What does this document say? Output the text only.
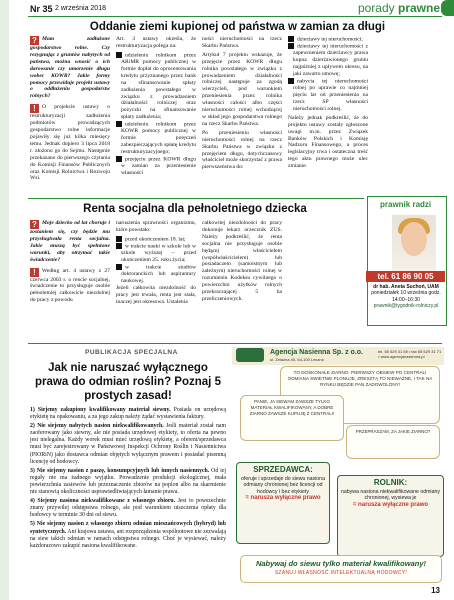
Nr 35 2 września 2018	porady prawne
Oddanie ziemi kupionej od państwa w zamian za długi

? Mam zadłużone gospodarstwo rolne. Czy rezygnując z gruntów nabytych od państwa, można wnosić o ich darowanie czy umorzenie długu wobec KOWR? Jakie formy pomocy przewiduje projekt ustawy o oddłużeniu gospodarstw rolnych?

! O projekcie ustawy o restrukturyzacji zadłużenia podmiotów prowadzących gospodarstwo rolne informacje pojawiły się już kilka miesięcy temu. Jednak dopiero 3 lipca 2018 r. złożono go do Sejmu. Następnie przekazano do pierwszego czytania do Komisji Finansów Publicznych oraz Komisji Rolnictwa i Rozwoju Wsi.

Art. 3 ustawy określa, że restrukturyzacja polega na:

udzieleniu rolnikom przez ARiMR pomocy publicznej w formie dopłat do oprocentowania kredytu przyznanego przez bank na sfinansowanie spłaty zadłużenia powstałego w związku z prowadzeniem działalności rolniczej oraz pożyczki na sfinansowanie spłaty zadłużenia;
udzieleniu rolnikom przez KOWR pomocy publicznej w formie poręczeń zabezpieczających spłatę kredytu restrukturyzacyjnego;
przejęciu przez KOWR długu w zamian za przeniesienie własności

ności nieruchomości na rzecz Skarbu Państwa.

Artykuł 7 projektu wskazuje, że przejęcie przez KOWR długu rolnika powstałego w związku z prowadzeniem działalności rolniczej następuje za zgodą wierzycieli, pod warunkiem przeniesienia przez rolnika własności całości albo części nieruchomości rolnej wchodzącej w skład jego gospodarstwa rolnego na rzecz Skarbu Państwa.

Po przeniesieniu własności nieruchomości rolnej na rzecz Skarbu Państwa w związku z przejęciem długu, dotychczasowy właściciel może skorzystać z prawa pierwszeństwa do:

dzierżawy tej nieruchomości;
dzierżawy tej nieruchomości z zapewnieniem dzierżawcy prawa kupna dzierżawionego gruntu najpóźniej z upływem okresu, na jaki zawarto umowę;
nabycia tej nieruchomości rolnej po uprawie co najmniej pięciu lat od przeniesienia na rzecz SP własności nieruchomości rolnej.

Należy jednak podkreślić, że do projektu ustawy zostały zgłoszone uwagi m.in. przez Związek Banków Polskich i Komisję Nadzoru Finansowego, a proces legislacyjny trwa i ostateczna treść tego aktu prawnego może ulec zmianie.

Renta socjalna dla pełnoletniego dziecka

? Moje dziecko od lat choruje i zostaniem się, czy będzie mu przysługiwała renta socjalna. Jakie muszą być spełnione warunki, aby otrzymać takie świadczenie?

! Według art. 4 ustawy z 27 czerwca 2003 r. o rencie socjalnej, świadczenie to przysługuje osobie pełnoletniej całkowicie niezdolnej do pracy z powodu

naruszenia sprawności organizmu, które powstało:

przed ukończeniem 18. lat;
w trakcie nauki w szkole lub w szkole wyższej – przed ukończeniem 25. roku życia;
w trakcie studiów doktoranckich lub aspirantury naukowej.

Jeżeli całkowita niezdolność do pracy jest trwała, renta jest stała, inaczej jest okresowa. Ustalenia

całkowitej niezdolności do pracy dokonuje lekarz orzecznik ZUS. Należy podkreślić, że renta socjalna nie przysługuje osobie będącej właścicielem (współwłaścicielem) lub posiadaczem (samoistnym lub zależnym) nieruchomości rolnej w rozumieniu Kodeksu cywilnego o powierzchni użytków rolnych przekraczającej 5 ha przeliczeniowych.

prawnik radzi
tel. 61 86 90 05
dr hab. Aneta Suchoń, UAM
poniedziałek 10 września godz. 14:00–16:30
prawnik@tygodnik-rolniczy.pl
PUBLIKACJA SPECJALNA
Jak nie naruszać wyłącznego prawa do odmian roślin? Poznaj 5 prostych zasad!

1) Siejemy zakupiony kwalifikowany materiał siewny. Posiada on urzędową etykietę na opakowaniu, a za jego zakup należy żądać wystawienia faktury.

2) Nie siejemy nabytych nasion niekwalifikowanych. Jeśli materiał został nam zaoferowany jako siewny, ale nie posiada urzędowej etykiety, to oferta na pewno jest nielegalna. Każdy worek musi mieć urzędową etykietę, a oferent/sprzedawca musi być zarejestrowany w Państwowej Inspekcji Ochrony Roślin i Nasiennictwa (PIORiN) jako dostawca odmian objętych wyłącznym prawem i posiadać pisemną licencję od hodowcy.

3) Nie siejemy nasion z paszę, konsumpcyjnych lub innych nasiennych. Od tej reguły nie ma żadnego wyjątku. Prowadzenie produkcji ekologicznej, mała powierzchnia zasiewów lub przeznaczenie zbiorów na poplon albo na skarmienie nie stanowią okoliczności usprawiedliwiających łamanie prawa.

4) Siejemy nasiona niekwalifikowane z własnego zbioru. Jest to powszechnie znany przywilej odstępstwa rolnego, ale pod warunkiem uiszczenia opłaty dla hodowcy w terminie 30 dni od siewu.

5) Nie siejemy nasion z własnego zbioru odmian mieszańcowych (hybryd) lub syntetycznych. Ani krajowa ustawa, ani rozporządzenia wspólnotowe nie zezwalają na siew takich odmian w ramach odstępstwa rolnego. Choć je wysiewać, należy każdorazowo zakupić nasiona kwalifikowane.

Agencja Nasienna Sp. z o.o.
ul. Żelazna 40, 64-100 Leszno
tel. 65 529 31 69 • fax 65 529 31 71 • www.agencjanasienna.pl
TO DOŚKONAŁE ZIARNO. PIERWSZY OBSIEW PO CENTRALI ODMIANA SWIETNIE PLONUJE, ZRESZTĄ TO NIEWAŻNE, I TAK NA RYNKU BĘDZIE PAN ZADOWOLONY!
PANIE, JA SIEWAM ZAWSZE TYLKO MATERIAŁ KWALIFIKOWANY, A DOBRE ZIARNO ZAWSZE KUPUJĘ Z CENTRALI!
PRZEPRASZAM, ZA JAKIE ZIARNO?
SPRZEDAWCA:
oferuje i sprzedaje do siewu nasiona odmiany chronionej bez licencji od hodowcy i bez etykiety
= narusza wyłączne prawo
ROLNIK:
nabywa nasiona niekwalifikowane odmiany chronionej, wysiewa je
= narusza wyłączne prawo
Nabywaj do siewu tylko materiał kwalifikowany!
SZANUJ WŁASNOŚĆ INTELEKTUALNĄ HODOWCY!
13
